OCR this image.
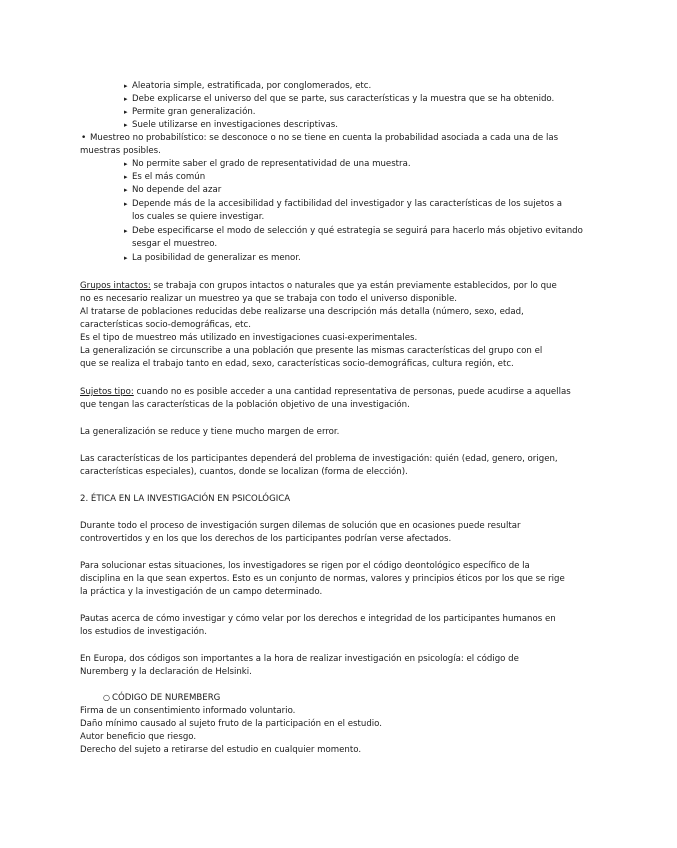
▸ Aleatoria simple, estratificada, por conglomerados, etc.
▸ Debe explicarse el universo del que se parte, sus características y la muestra que se ha obtenido.
▸ Permite gran generalización.
▸ Suele utilizarse en investigaciones descriptivas.
• Muestreo no probabilístico: se desconoce o no se tiene en cuenta la probabilidad asociada a cada una de las
muestras posibles.
▸ No permite saber el grado de representatividad de una muestra.
▸ Es el más común
▸ No depende del azar
▸ Depende más de la accesibilidad y factibilidad del investigador y las características de los sujetos a
los cuales se quiere investigar.
▸ Debe especificarse el modo de selección y qué estrategia se seguirá para hacerlo más objetivo evitando
sesgar el muestreo.
▸ La posibilidad de generalizar es menor.
Grupos intactos: se trabaja con grupos intactos o naturales que ya están previamente establecidos, por lo que
no es necesario realizar un muestreo ya que se trabaja con todo el universo disponible.
Al tratarse de poblaciones reducidas debe realizarse una descripción más detalla (número, sexo, edad,
características socio-demográficas, etc.
Es el tipo de muestreo más utilizado en investigaciones cuasi-experimentales.
La generalización se circunscribe a una población que presente las mismas características del grupo con el
que se realiza el trabajo tanto en edad, sexo, características socio-demográficas, cultura región, etc.
Sujetos tipo: cuando no es posible acceder a una cantidad representativa de personas, puede acudirse a aquellas
que tengan las características de la población objetivo de una investigación.
La generalización se reduce y tiene mucho margen de error.
Las características de los participantes dependerá del problema de investigación: quién (edad, genero, origen,
características especiales), cuantos, donde se localizan (forma de elección).
2. ÉTICA EN LA INVESTIGACIÓN EN PSICOLÓGICA
Durante todo el proceso de investigación surgen dilemas de solución que en ocasiones puede resultar
controvertidos y en los que los derechos de los participantes podrían verse afectados.
Para solucionar estas situaciones, los investigadores se rigen por el código deontológico específico de la
disciplina en la que sean expertos. Esto es un conjunto de normas, valores y principios éticos por los que se rige
la práctica y la investigación de un campo determinado.
Pautas acerca de cómo investigar y cómo velar por los derechos e integridad de los participantes humanos en
los estudios de investigación.
En Europa, dos códigos son importantes a la hora de realizar investigación en psicología: el código de
Nuremberg y la declaración de Helsinki.
○ CÓDIGO DE NUREMBERG
Firma de un consentimiento informado voluntario.
Daño mínimo causado al sujeto fruto de la participación en el estudio.
Autor beneficio que riesgo.
Derecho del sujeto a retirarse del estudio en cualquier momento.
